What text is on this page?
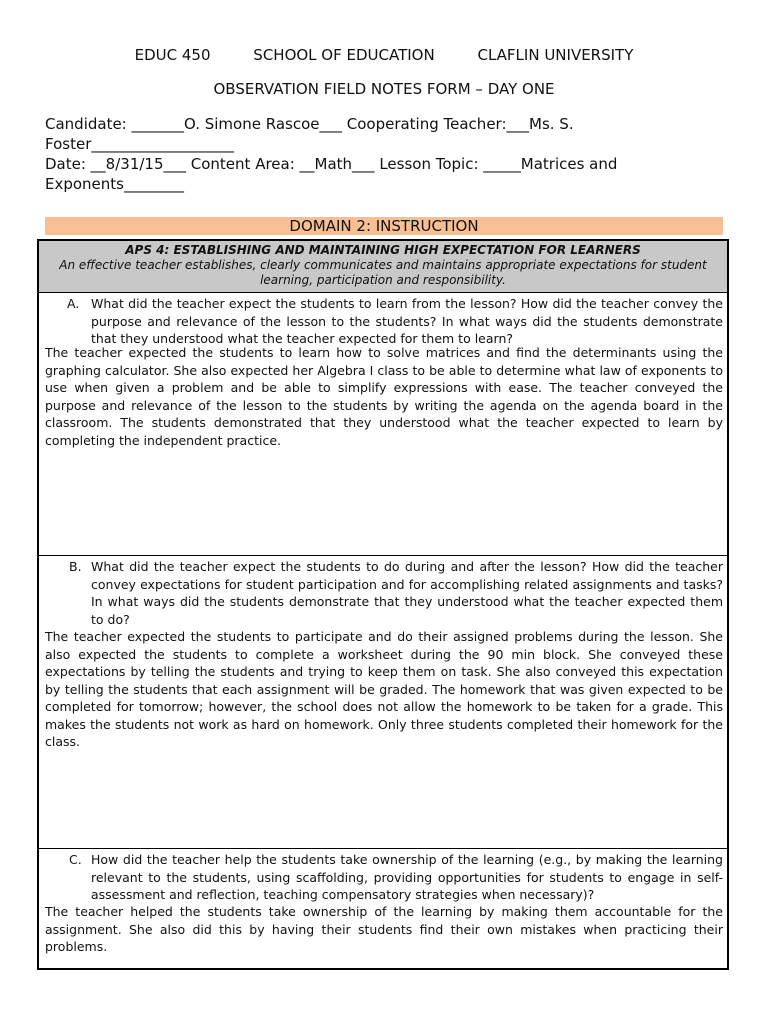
EDUC 450	SCHOOL OF EDUCATION	CLAFLIN UNIVERSITY
OBSERVATION FIELD NOTES FORM – DAY ONE
Candidate: _______O. Simone Rascoe___ Cooperating Teacher:___Ms. S. Foster___________________
Date: __8/31/15___ Content Area: __Math___ Lesson Topic: _____Matrices and Exponents________
DOMAIN 2: INSTRUCTION
APS 4: ESTABLISHING AND MAINTAINING HIGH EXPECTATION FOR LEARNERS
An effective teacher establishes, clearly communicates and maintains appropriate expectations for student learning, participation and responsibility.
A. What did the teacher expect the students to learn from the lesson? How did the teacher convey the purpose and relevance of the lesson to the students? In what ways did the students demonstrate that they understood what the teacher expected for them to learn?
The teacher expected the students to learn how to solve matrices and find the determinants using the graphing calculator. She also expected her Algebra I class to be able to determine what law of exponents to use when given a problem and be able to simplify expressions with ease. The teacher conveyed the purpose and relevance of the lesson to the students by writing the agenda on the agenda board in the classroom. The students demonstrated that they understood what the teacher expected to learn by completing the independent practice.
B. What did the teacher expect the students to do during and after the lesson? How did the teacher convey expectations for student participation and for accomplishing related assignments and tasks? In what ways did the students demonstrate that they understood what the teacher expected them to do?
The teacher expected the students to participate and do their assigned problems during the lesson. She also expected the students to complete a worksheet during the 90 min block. She conveyed these expectations by telling the students and trying to keep them on task. She also conveyed this expectation by telling the students that each assignment will be graded. The homework that was given expected to be completed for tomorrow; however, the school does not allow the homework to be taken for a grade. This makes the students not work as hard on homework. Only three students completed their homework for the class.
C. How did the teacher help the students take ownership of the learning (e.g., by making the learning relevant to the students, using scaffolding, providing opportunities for students to engage in self-assessment and reflection, teaching compensatory strategies when necessary)?
The teacher helped the students take ownership of the learning by making them accountable for the assignment. She also did this by having their students find their own mistakes when practicing their problems.
